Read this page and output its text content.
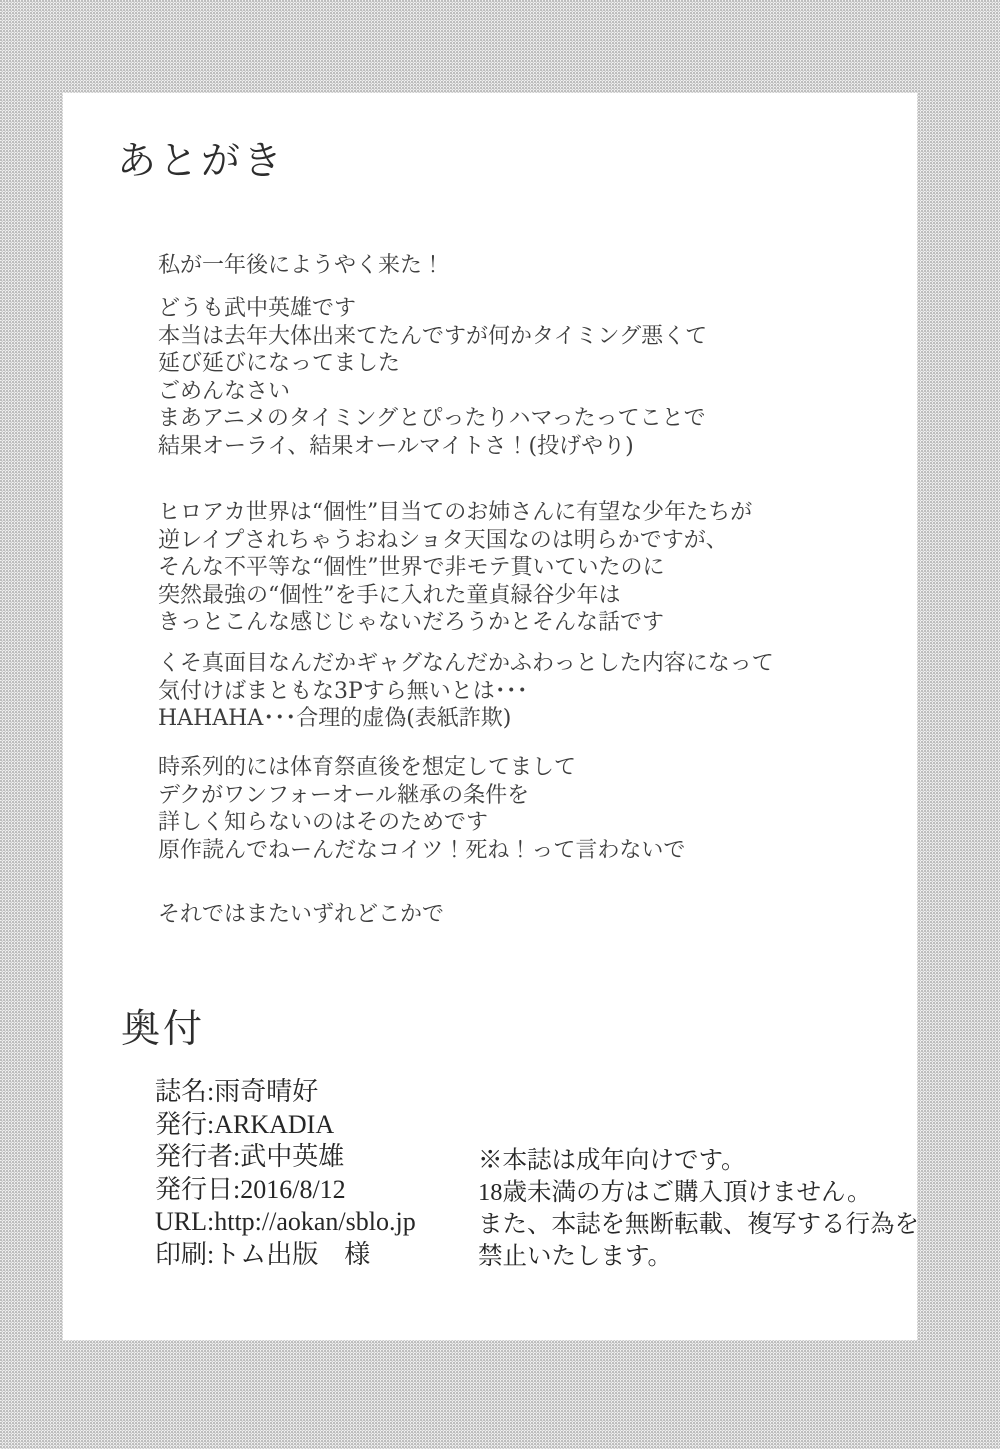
あとがき
私が一年後にようやく来た！
どうも武中英雄です
本当は去年大体出来てたんですが何かタイミング悪くて
延び延びになってました
ごめんなさい
まあアニメのタイミングとぴったりハマったってことで
結果オーライ、結果オールマイトさ！(投げやり)
ヒロアカ世界は“個性”目当てのお姉さんに有望な少年たちが
逆レイプされちゃうおねショタ天国なのは明らかですが、
そんな不平等な“個性”世界で非モテ貫いていたのに
突然最強の“個性”を手に入れた童貞緑谷少年は
きっとこんな感じじゃないだろうかとそんな話です
くそ真面目なんだかギャグなんだかふわっとした内容になって
気付けばまともな3Pすら無いとは･･･
HAHAHA･･･合理的虚偽(表紙詐欺)
時系列的には体育祭直後を想定してまして
デクがワンフォーオール継承の条件を
詳しく知らないのはそのためです
原作読んでねーんだなコイツ！死ね！って言わないで
それではまたいずれどこかで
奥付
誌名:雨奇晴好
発行:ARKADIA
発行者:武中英雄
発行日:2016/8/12
URL:http://aokan/sblo.jp
印刷:トム出版　様
※本誌は成年向けです。
18歳未満の方はご購入頂けません。
また、本誌を無断転載、複写する行為を
禁止いたします。
